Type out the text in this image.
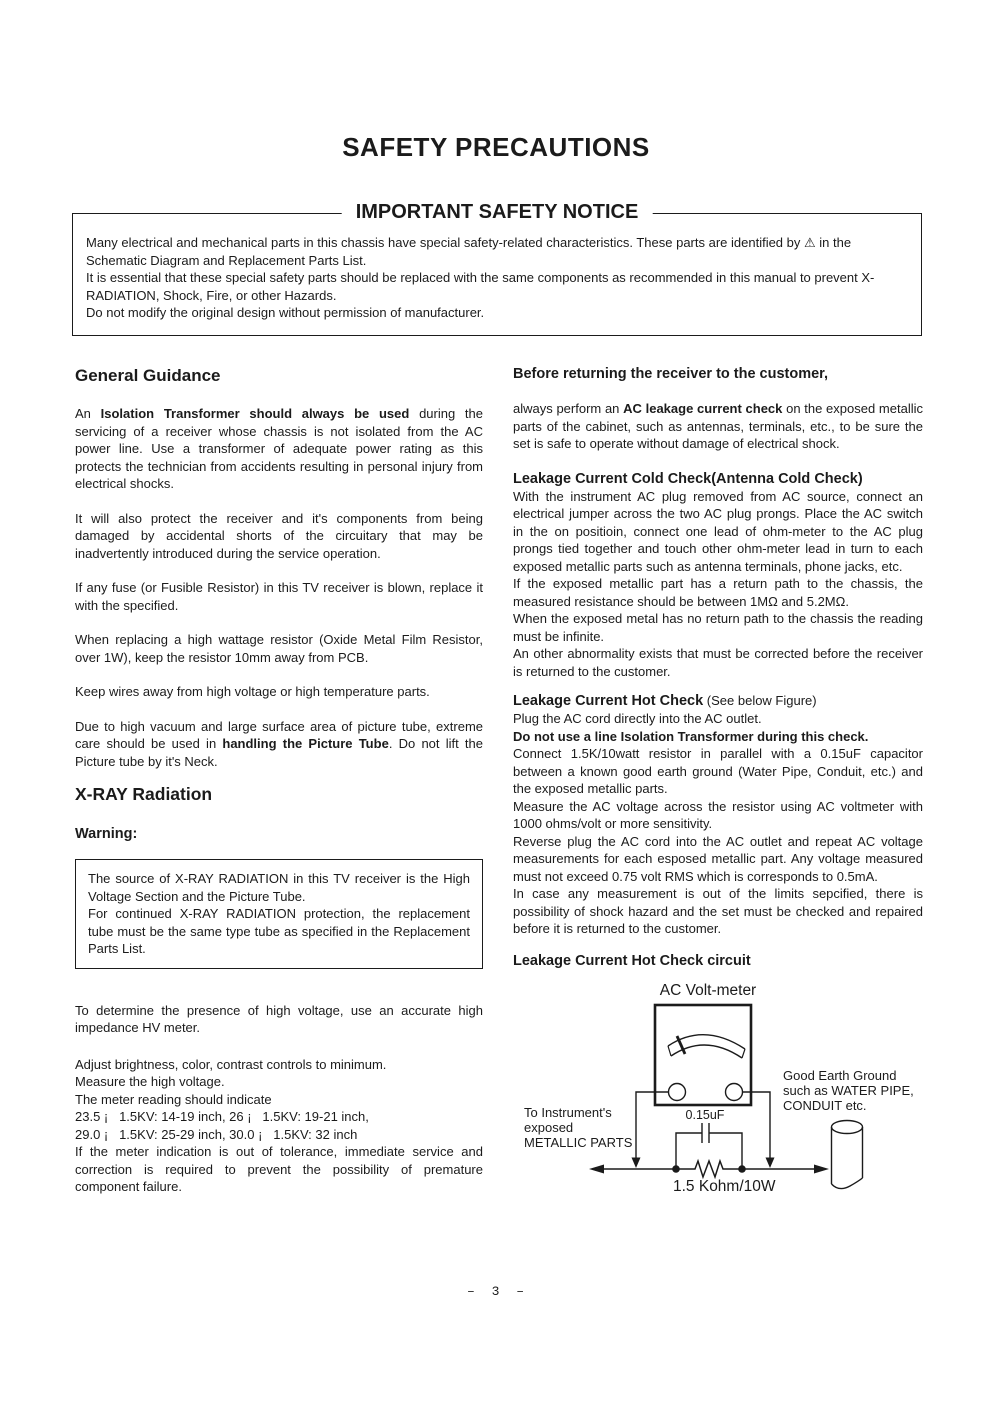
SAFETY PRECAUTIONS
IMPORTANT SAFETY NOTICE

Many electrical and mechanical parts in this chassis have special safety-related characteristics. These parts are identified by ⚠ in the Schematic Diagram and Replacement Parts List.

It is essential that these special safety parts should be replaced with the same components as recommended in this manual to prevent X-RADIATION, Shock, Fire, or other Hazards.

Do not modify the original design without permission of manufacturer.

General Guidance

An Isolation Transformer should always be used during the servicing of a receiver whose chassis is not isolated from the AC power line. Use a transformer of adequate power rating as this protects the technician from accidents resulting in personal injury from electrical shocks.

It will also protect the receiver and it's components from being damaged by accidental shorts of the circuitary that may be inadvertently introduced during the service operation.

If any fuse (or Fusible Resistor) in this TV receiver is blown, replace it with the specified.

When replacing a high wattage resistor (Oxide Metal Film Resistor, over 1W), keep the resistor 10mm away from PCB.

Keep wires away from high voltage or high temperature parts.

Due to high vacuum and large surface area of picture tube, extreme care should be used in handling the Picture Tube. Do not lift the Picture tube by it's Neck.

X-RAY Radiation

Warning:

The source of X-RAY RADIATION in this TV receiver is the High Voltage Section and the Picture Tube.

For continued X-RAY RADIATION protection, the replacement tube must be the same type tube as specified in the Replacement Parts List.

To determine the presence of high voltage, use an accurate high impedance HV meter.

Adjust brightness, color, contrast controls to minimum.

Measure the high voltage.

The meter reading should indicate

23.5 ¡   1.5KV: 14-19 inch, 26 ¡   1.5KV: 19-21 inch,

29.0 ¡   1.5KV: 25-29 inch, 30.0 ¡   1.5KV: 32 inch

If the meter indication is out of tolerance, immediate service and correction is required to prevent the possibility of premature component failure.

Before returning the receiver to the customer,

always perform an AC leakage current check on the exposed metallic parts of the cabinet, such as antennas, terminals, etc., to be sure the set is safe to operate without damage of electrical shock.

Leakage Current Cold Check(Antenna Cold Check)

With the instrument AC plug removed from AC source, connect an electrical jumper across the two AC plug prongs. Place the AC switch in the on positioin, connect one lead of ohm-meter to the AC plug prongs tied together and touch other ohm-meter lead in turn to each exposed metallic parts such as antenna terminals, phone jacks, etc.

If the exposed metallic part has a return path to the chassis, the measured resistance should be between 1MΩ and 5.2MΩ.

When the exposed metal has no return path to the chassis the reading must be infinite.

An other abnormality exists that must be corrected before the receiver is returned to the customer.

Leakage Current Hot Check (See below Figure)

Plug the AC cord directly into the AC outlet.

Do not use a line Isolation Transformer during this check.

Connect 1.5K/10watt resistor in parallel with a 0.15uF capacitor between a known good earth ground (Water Pipe, Conduit, etc.) and the exposed metallic parts.

Measure the AC voltage across the resistor using AC voltmeter with 1000 ohms/volt or more sensitivity.

Reverse plug the AC cord into the AC outlet and repeat AC voltage measurements for each esposed metallic part. Any voltage measured must not exceed 0.75 volt RMS which is corresponds to 0.5mA.

In case any measurement is out of the limits sepcified, there is possibility of shock hazard and the set must be checked and repaired before it is returned to the customer.

Leakage Current Hot Check circuit
AC Volt-meter
0.15uF
1.5 Kohm/10W
To Instrument's
exposed
METALLIC PARTS
Good Earth Ground
such as WATER PIPE,
CONDUIT etc.
– 3 –
